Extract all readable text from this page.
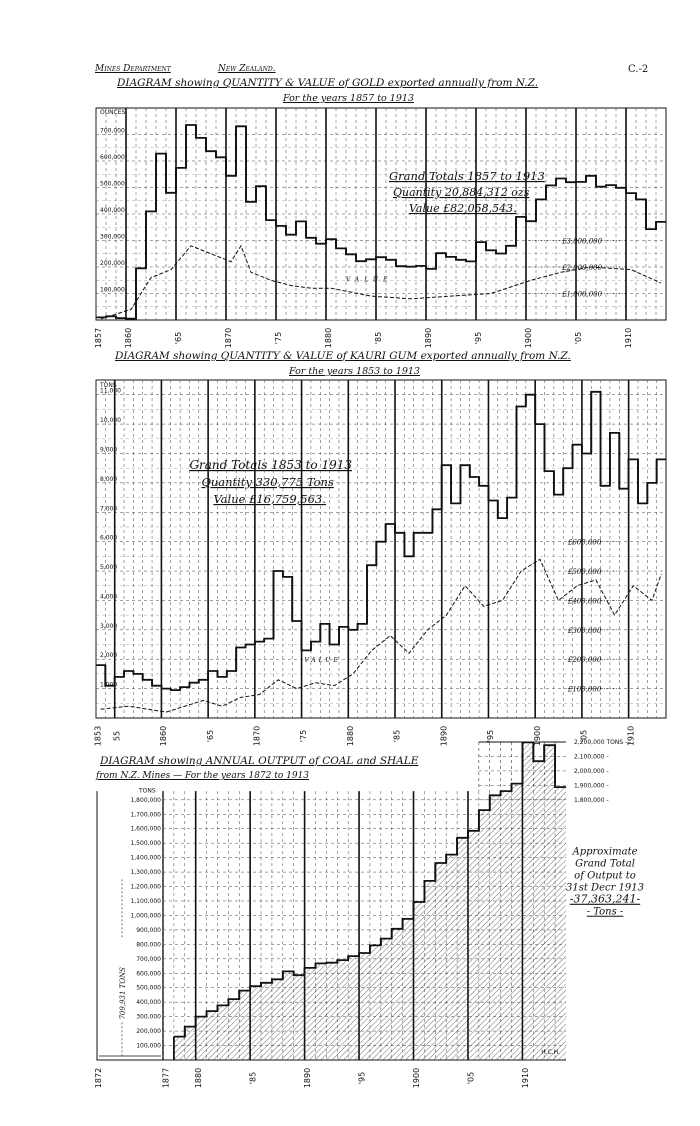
Mines Department	New Zealand.	C.-2
DIAGRAM showing QUANTITY & VALUE of GOLD exported annually from N.Z.
For the years 1857 to 1913
DIAGRAM showing QUANTITY & VALUE of KAURI GUM exported annually from N.Z.
For the years 1853 to 1913
DIAGRAM showing ANNUAL OUTPUT of COAL and SHALE
from N.Z. Mines — For the years 1872 to 1913
OUNCES
100,000
200,000
300,000
400,000
500,000
600,000
700,000
1857	1860	'65	1870	'75	1880	'85	1890	'95	1900	'05	1910
£3,000,000
£2,000,000
£1,000,000
VALUE
Grand Totals 1857 to 1913
Quantity 20,884,312 ozs
Value £82,058,543.
TONS
1,000
2,000
3,000
4,000
5,000
6,000
7,000
8,000
9,000
10,000
11,000
1853 55	1860	'65	1870	'75	1880	'85	1890	'95	1900	'05	1910
£600,000
£500,000
£400,000
£300,000
£200,000
£100,000
VALUE
Grand Totals 1853 to 1913
Quantity 330,775 Tons
Value £16,759,563.
TONS
100,000
200,000
300,000
400,000
500,000
600,000
700,000
800,000
900,000
1,000,000
1,100,000
1,200,000
1,300,000
1,400,000
1,500,000
1,600,000
1,700,000
1,800,000
2,200,000 TONS —
2,100,000 -
2,000,000 -
1,900,000 -
1,800,000 -
1872	1877	1880	'85	1890	'95	1900	'05	1910
709,931 TONS
Approximate
Grand Total
of Output to
31st Decr 1913
-37,363,241-
- Tons -
H.C.H.
